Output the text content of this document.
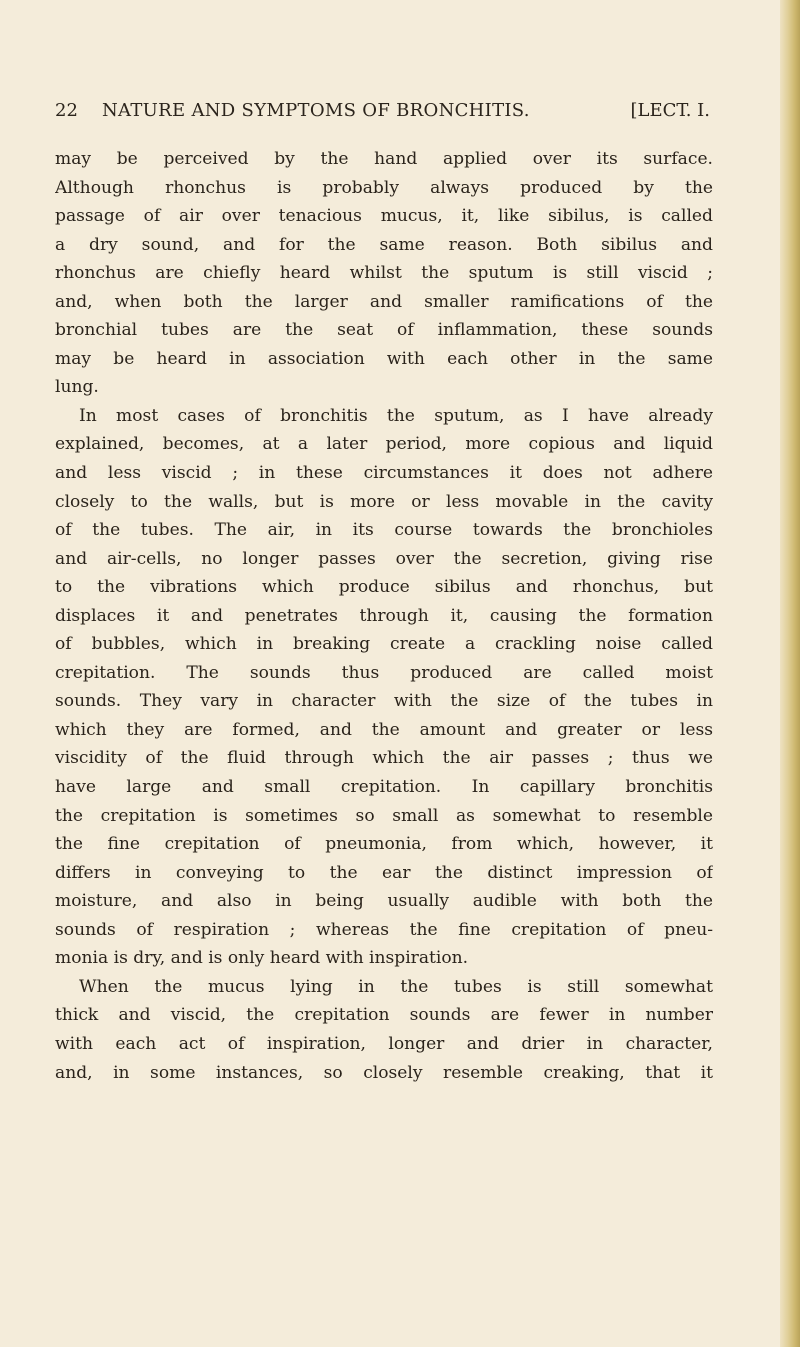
22 NATURE AND SYMPTOMS OF BRONCHITIS.	[LECT. I.
may be perceived by the hand applied over its surface.
Although rhonchus is probably always produced by the
passage of air over tenacious mucus, it, like sibilus, is called
a dry sound, and for the same reason. Both sibilus and
rhonchus are chiefly heard whilst the sputum is still viscid ;
and, when both the larger and smaller ramifications of the
bronchial tubes are the seat of inflammation, these sounds
may be heard in association with each other in the same
lung.
In most cases of bronchitis the sputum, as I have already
explained, becomes, at a later period, more copious and liquid
and less viscid ; in these circumstances it does not adhere
closely to the walls, but is more or less movable in the cavity
of the tubes. The air, in its course towards the bronchioles
and air-cells, no longer passes over the secretion, giving rise
to the vibrations which produce sibilus and rhonchus, but
displaces it and penetrates through it, causing the formation
of bubbles, which in breaking create a crackling noise called
crepitation. The sounds thus produced are called moist
sounds. They vary in character with the size of the tubes in
which they are formed, and the amount and greater or less
viscidity of the fluid through which the air passes ; thus we
have large and small crepitation. In capillary bronchitis
the crepitation is sometimes so small as somewhat to resemble
the fine crepitation of pneumonia, from which, however, it
differs in conveying to the ear the distinct impression of
moisture, and also in being usually audible with both the
sounds of respiration ; whereas the fine crepitation of pneu-
monia is dry, and is only heard with inspiration.
When the mucus lying in the tubes is still somewhat
thick and viscid, the crepitation sounds are fewer in number
with each act of inspiration, longer and drier in character,
and, in some instances, so closely resemble creaking, that it
